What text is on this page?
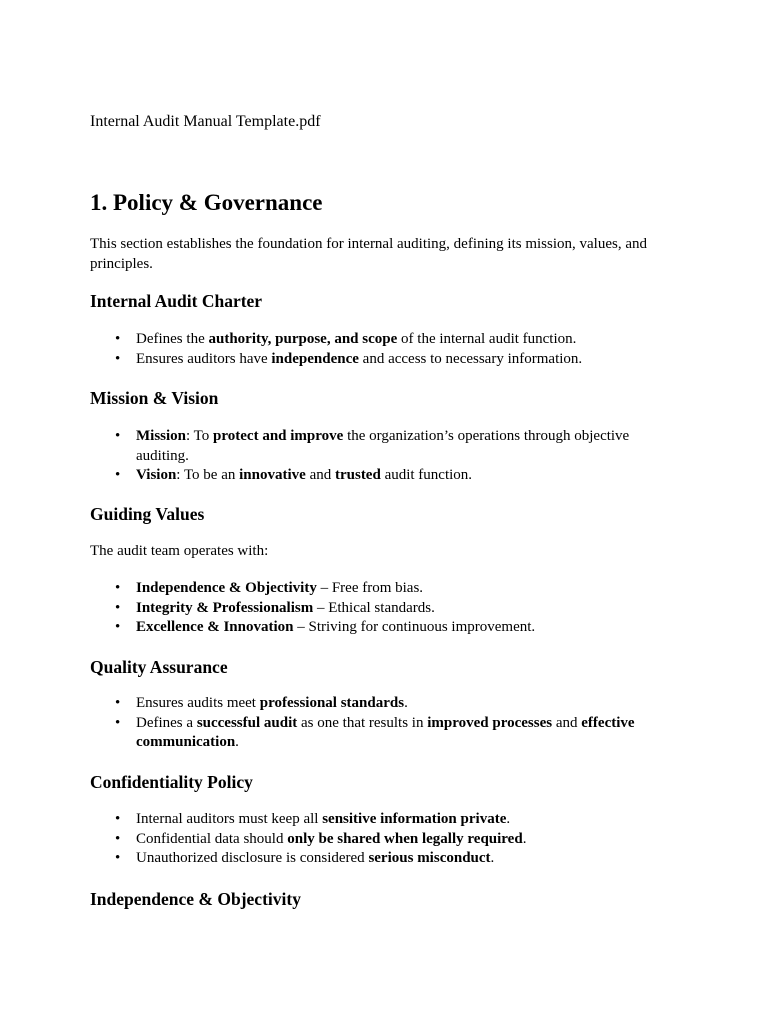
Internal Audit Manual Template.pdf

1. Policy & Governance

This section establishes the foundation for internal auditing, defining its mission, values, and principles.

Internal Audit Charter
• Defines the authority, purpose, and scope of the internal audit function.
• Ensures auditors have independence and access to necessary information.
Mission & Vision
• Mission: To protect and improve the organization’s operations through objective auditing.
• Vision: To be an innovative and trusted audit function.
Guiding Values

The audit team operates with:

• Independence & Objectivity – Free from bias.
• Integrity & Professionalism – Ethical standards.
• Excellence & Innovation – Striving for continuous improvement.
Quality Assurance
• Ensures audits meet professional standards.
• Defines a successful audit as one that results in improved processes and effective communication.
Confidentiality Policy
• Internal auditors must keep all sensitive information private.
• Confidential data should only be shared when legally required.
• Unauthorized disclosure is considered serious misconduct.
Independence & Objectivity
